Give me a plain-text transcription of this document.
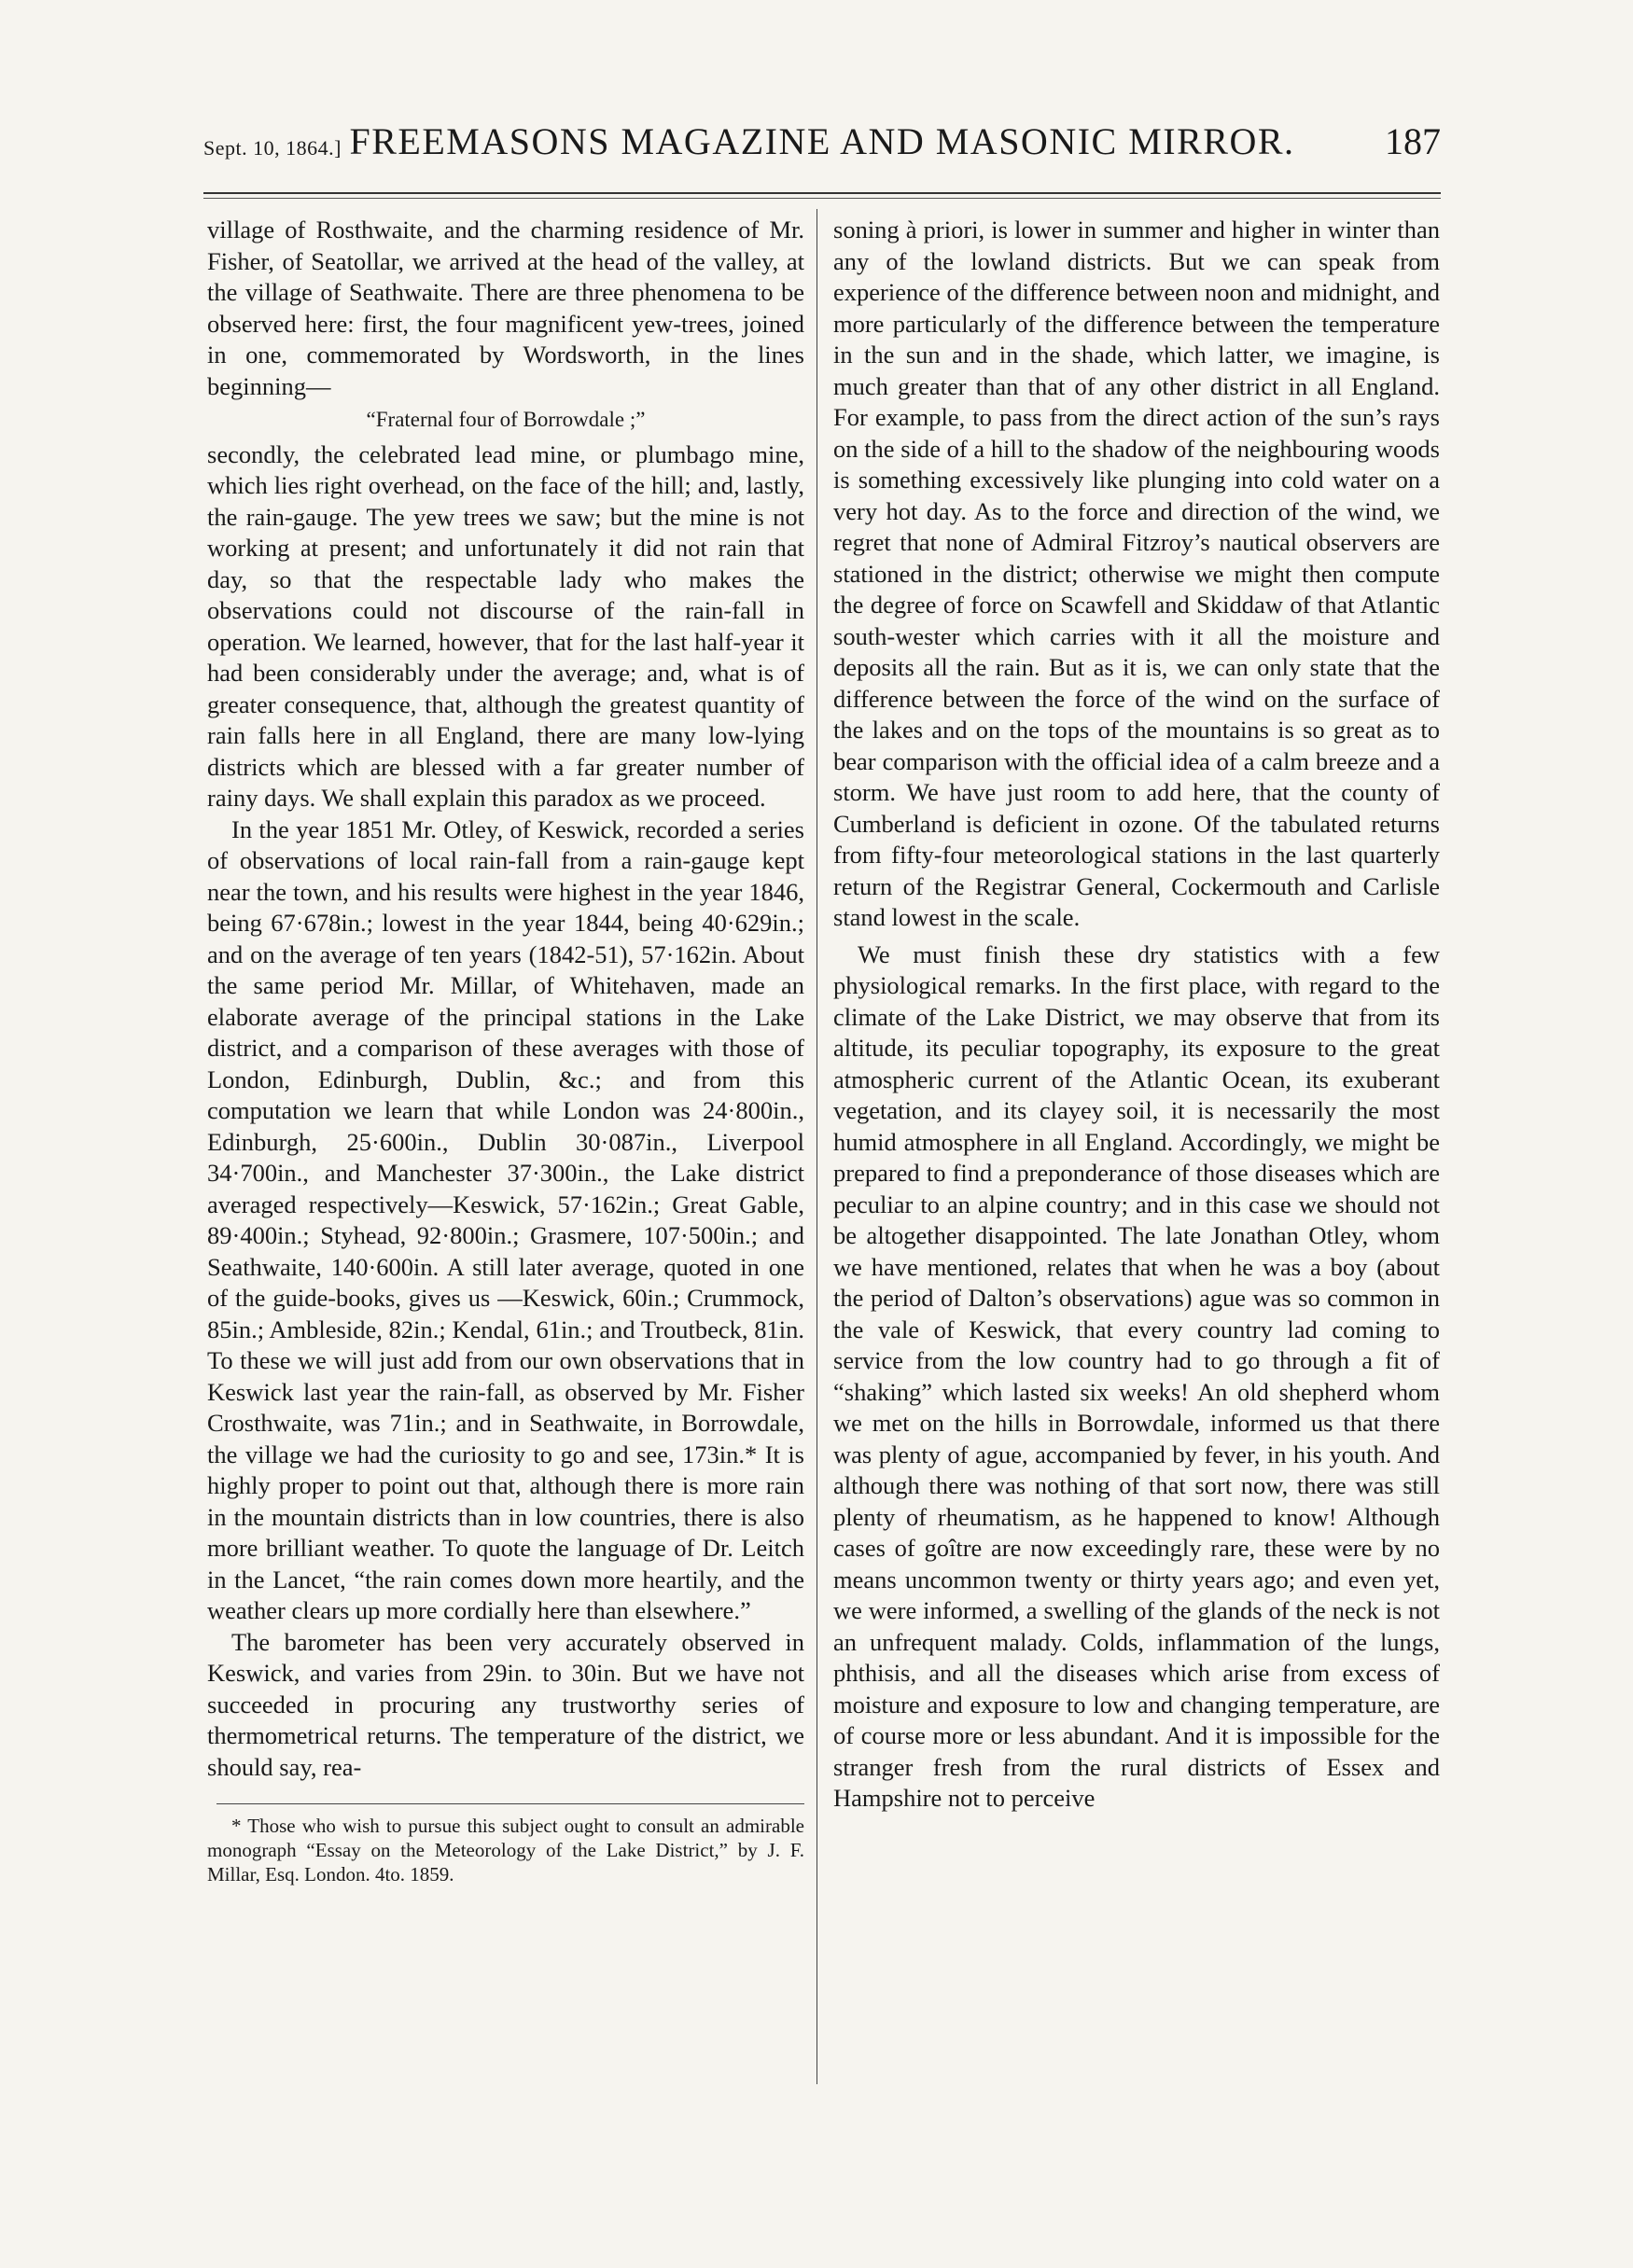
Sept. 10, 1864.] FREEMASONS MAGAZINE AND MASONIC MIRROR.	187

village of Rosthwaite, and the charming residence of Mr. Fisher, of Seatollar, we arrived at the head of the valley, at the village of Seathwaite. There are three phenomena to be observed here: first, the four magnificent yew-trees, joined in one, commemorated by Wordsworth, in the lines beginning—

“Fraternal four of Borrowdale ;”

secondly, the celebrated lead mine, or plumbago mine, which lies right overhead, on the face of the hill; and, lastly, the rain-gauge. The yew trees we saw; but the mine is not working at present; and unfortunately it did not rain that day, so that the respectable lady who makes the observations could not discourse of the rain-fall in operation. We learned, however, that for the last half-year it had been considerably under the average; and, what is of greater consequence, that, although the greatest quantity of rain falls here in all England, there are many low-lying districts which are blessed with a far greater number of rainy days. We shall explain this paradox as we proceed.

In the year 1851 Mr. Otley, of Keswick, recorded a series of observations of local rain-fall from a rain-gauge kept near the town, and his results were highest in the year 1846, being 67·678in.; lowest in the year 1844, being 40·629in.; and on the average of ten years (1842-51), 57·162in. About the same period Mr. Millar, of Whitehaven, made an elaborate average of the principal stations in the Lake district, and a comparison of these averages with those of London, Edinburgh, Dublin, &c.; and from this computation we learn that while London was 24·800in., Edinburgh, 25·600in., Dublin 30·087in., Liverpool 34·700in., and Manchester 37·300in., the Lake district averaged respectively—Keswick, 57·162in.; Great Gable, 89·400in.; Styhead, 92·800in.; Grasmere, 107·500in.; and Seathwaite, 140·600in. A still later average, quoted in one of the guide-books, gives us —Keswick, 60in.; Crummock, 85in.; Ambleside, 82in.; Kendal, 61in.; and Troutbeck, 81in. To these we will just add from our own observations that in Keswick last year the rain-fall, as observed by Mr. Fisher Crosthwaite, was 71in.; and in Seathwaite, in Borrowdale, the village we had the curiosity to go and see, 173in.* It is highly proper to point out that, although there is more rain in the mountain districts than in low countries, there is also more brilliant weather. To quote the language of Dr. Leitch in the Lancet, “the rain comes down more heartily, and the weather clears up more cordially here than elsewhere.”

The barometer has been very accurately observed in Keswick, and varies from 29in. to 30in. But we have not succeeded in procuring any trustworthy series of thermometrical returns. The temperature of the district, we should say, rea-

* Those who wish to pursue this subject ought to consult an admirable monograph “Essay on the Meteorology of the Lake District,” by J. F. Millar, Esq. London. 4to. 1859.

soning à priori, is lower in summer and higher in winter than any of the lowland districts. But we can speak from experience of the difference between noon and midnight, and more particularly of the difference between the temperature in the sun and in the shade, which latter, we imagine, is much greater than that of any other district in all England. For example, to pass from the direct action of the sun’s rays on the side of a hill to the shadow of the neighbouring woods is something excessively like plunging into cold water on a very hot day. As to the force and direction of the wind, we regret that none of Admiral Fitzroy’s nautical observers are stationed in the district; otherwise we might then compute the degree of force on Scawfell and Skiddaw of that Atlantic south-wester which carries with it all the moisture and deposits all the rain. But as it is, we can only state that the difference between the force of the wind on the surface of the lakes and on the tops of the mountains is so great as to bear comparison with the official idea of a calm breeze and a storm. We have just room to add here, that the county of Cumberland is deficient in ozone. Of the tabulated returns from fifty-four meteorological stations in the last quarterly return of the Registrar General, Cockermouth and Carlisle stand lowest in the scale.

We must finish these dry statistics with a few physiological remarks. In the first place, with regard to the climate of the Lake District, we may observe that from its altitude, its peculiar topography, its exposure to the great atmospheric current of the Atlantic Ocean, its exuberant vegetation, and its clayey soil, it is necessarily the most humid atmosphere in all England. Accordingly, we might be prepared to find a preponderance of those diseases which are peculiar to an alpine country; and in this case we should not be altogether disappointed. The late Jonathan Otley, whom we have mentioned, relates that when he was a boy (about the period of Dalton’s observations) ague was so common in the vale of Keswick, that every country lad coming to service from the low country had to go through a fit of “shaking” which lasted six weeks! An old shepherd whom we met on the hills in Borrowdale, informed us that there was plenty of ague, accompanied by fever, in his youth. And although there was nothing of that sort now, there was still plenty of rheumatism, as he happened to know! Although cases of goître are now exceedingly rare, these were by no means uncommon twenty or thirty years ago; and even yet, we were informed, a swelling of the glands of the neck is not an unfrequent malady. Colds, inflammation of the lungs, phthisis, and all the diseases which arise from excess of moisture and exposure to low and changing temperature, are of course more or less abundant. And it is impossible for the stranger fresh from the rural districts of Essex and Hampshire not to perceive
